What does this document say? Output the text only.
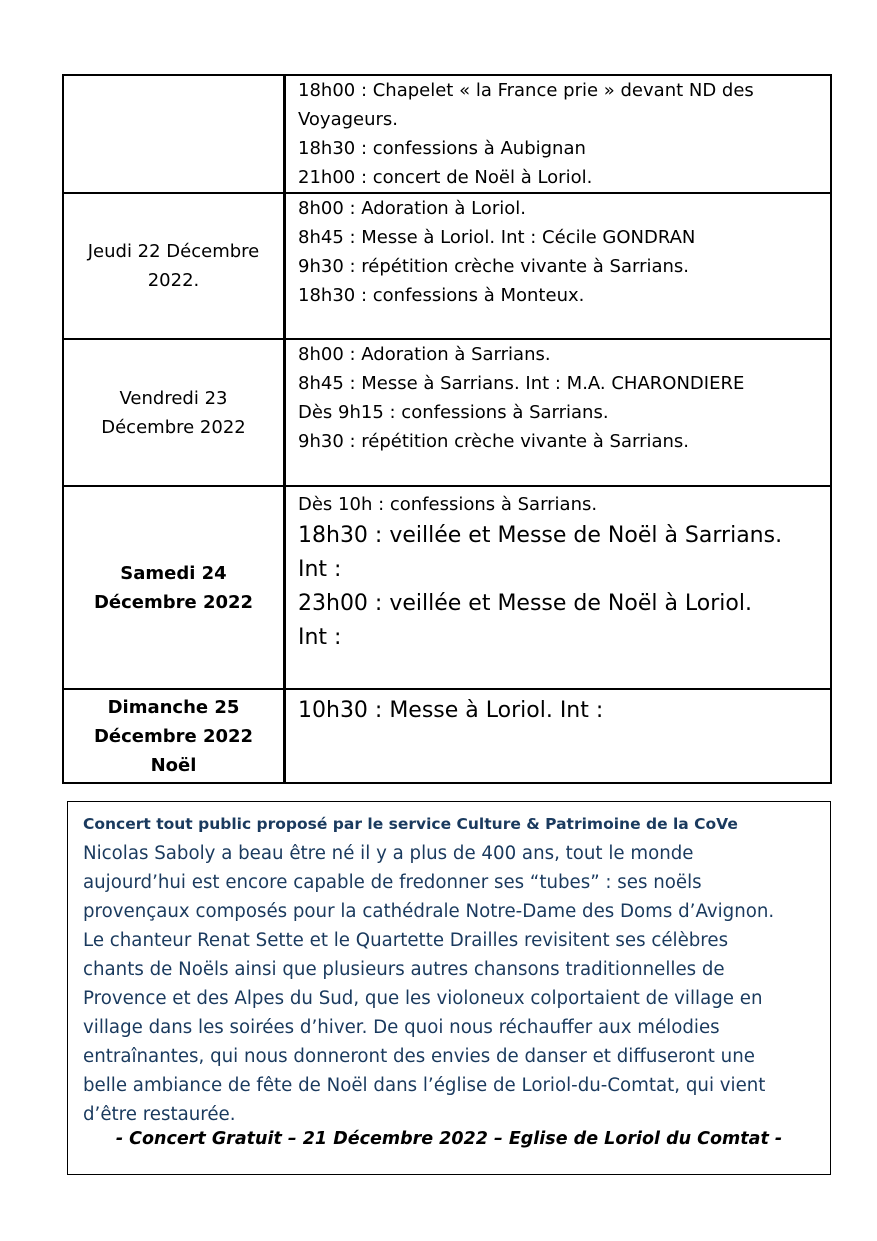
	18h00 : Chapelet « la France prie » devant ND des
Voyageurs.
18h30 : confessions à Aubignan
21h00 : concert de Noël à Loriol.

Jeudi 22 Décembre
2022.	8h00 : Adoration à Loriol.
8h45 : Messe à Loriol. Int : Cécile GONDRAN
9h30 : répétition crèche vivante à Sarrians.
18h30 : confessions à Monteux.

Vendredi 23
Décembre 2022	8h00 : Adoration à Sarrians.
8h45 : Messe à Sarrians. Int : M.A. CHARONDIERE
Dès 9h15 : confessions à Sarrians.
9h30 : répétition crèche vivante à Sarrians.

Samedi 24
Décembre 2022	Dès 10h : confessions à Sarrians.
18h30 : veillée et Messe de Noël à Sarrians.
Int :
23h00 : veillée et Messe de Noël à Loriol.
Int :

Dimanche 25
Décembre 2022
Noël	10h30 : Messe à Loriol. Int :
Concert tout public proposé par le service Culture & Patrimoine de la CoVe
Nicolas Saboly a beau être né il y a plus de 400 ans, tout le monde
aujourd’hui est encore capable de fredonner ses “tubes” : ses noëls
provençaux composés pour la cathédrale Notre-Dame des Doms d’Avignon.
Le chanteur Renat Sette et le Quartette Drailles revisitent ses célèbres
chants de Noëls ainsi que plusieurs autres chansons traditionnelles de
Provence et des Alpes du Sud, que les violoneux colportaient de village en
village dans les soirées d’hiver. De quoi nous réchauffer aux mélodies
entraînantes, qui nous donneront des envies de danser et diffuseront une
belle ambiance de fête de Noël dans l’église de Loriol-du-Comtat, qui vient
d’être restaurée.
- Concert Gratuit – 21 Décembre 2022 – Eglise de Loriol du Comtat -
